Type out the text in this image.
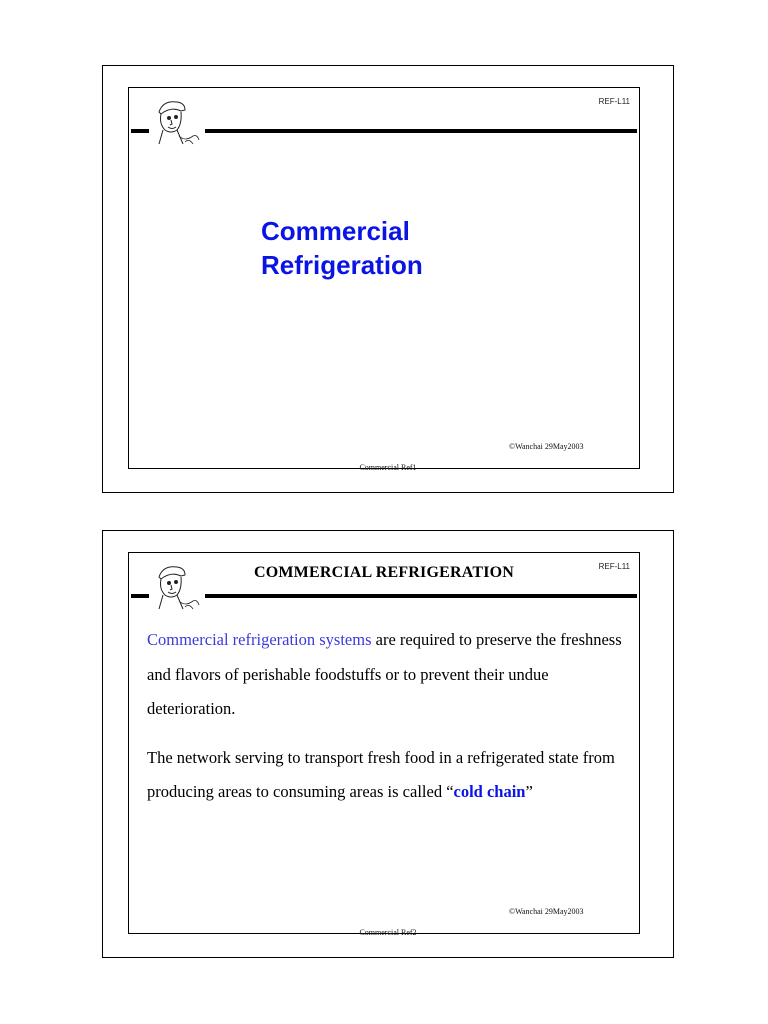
REF-L11
Commercial
Refrigeration
©Wanchai 29May2003
Commercial Ref1
REF-L11
COMMERCIAL REFRIGERATION

Commercial refrigeration systems are required to preserve the freshness and flavors of perishable foodstuffs or to prevent their undue deterioration.

The network serving to transport fresh food in a refrigerated state from producing areas to consuming areas is called “cold chain”

©Wanchai 29May2003
Commercial Ref2
